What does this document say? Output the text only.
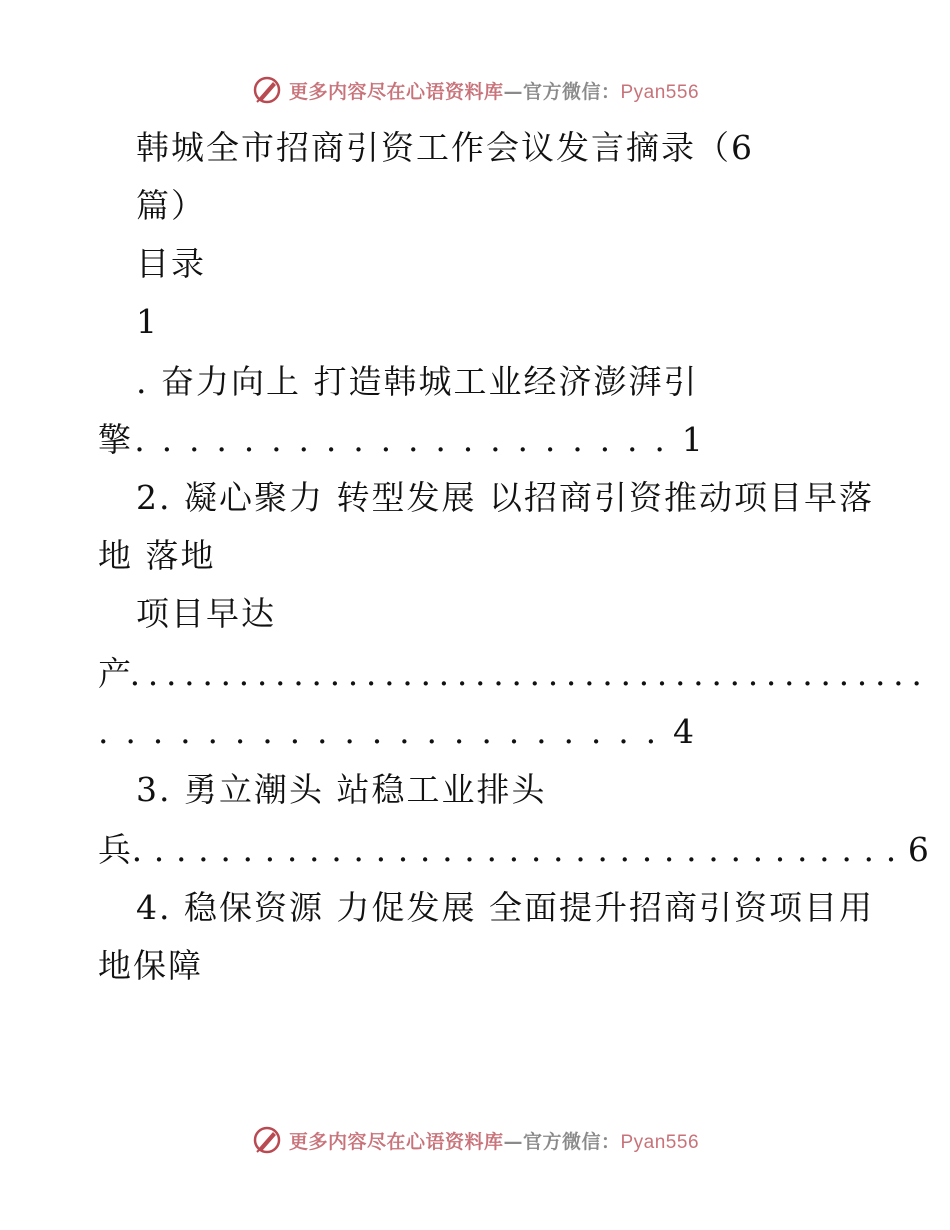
更多内容尽在心语资料库—官方微信：Pyan556
韩城全市招商引资工作会议发言摘录（6
篇）
目录
1
. 奋力向上 打造韩城工业经济澎湃引
擎. . . . . . . . . . . . . . . . . . . . 1
2. 凝心聚力 转型发展 以招商引资推动项目早落
地 落地
项目早达
产. . . . . . . . . . . . . . . . . . . . . . . . . . . . . . . . . . . . . . . . . . . .
. . . . . . . . . . . . . . . . . . . . . 4
3. 勇立潮头 站稳工业排头
兵. . . . . . . . . . . . . . . . . . . . . . . . . . . . . . . . . . . 6
4. 稳保资源 力促发展 全面提升招商引资项目用
地保障
更多内容尽在心语资料库—官方微信：Pyan556
